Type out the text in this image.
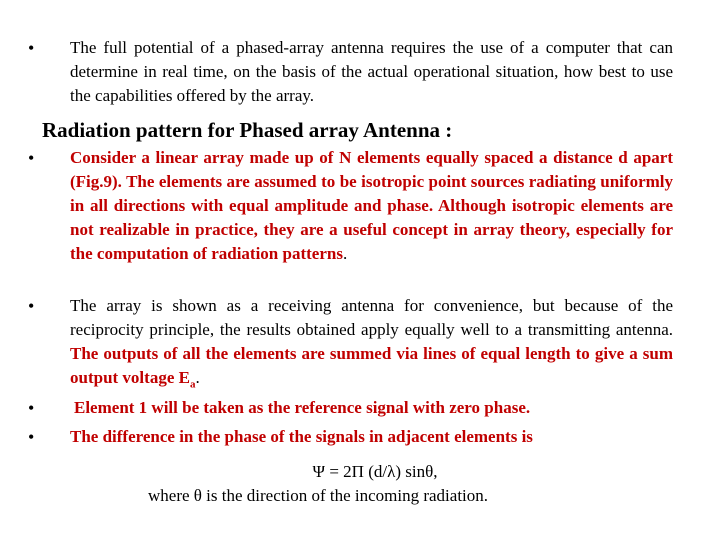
• The full potential of a phased-array antenna requires the use of a computer that can determine in real time, on the basis of the actual operational situation, how best to use the capabilities offered by the array.
Radiation pattern for Phased array Antenna :
• Consider a linear array made up of N elements equally spaced a distance d apart (Fig.9). The elements are assumed to be isotropic point sources radiating uniformly in all directions with equal amplitude and phase. Although isotropic elements are not realizable in practice, they are a useful concept in array theory, especially for the computation of radiation patterns.
• The array is shown as a receiving antenna for convenience, but because of the reciprocity principle, the results obtained apply equally well to a transmitting antenna. The outputs of all the elements are summed via lines of equal length to give a sum output voltage $E_a$.
• Element 1 will be taken as the reference signal with zero phase.
• The difference in the phase of the signals in adjacent elements is
Ψ = 2Π (d/λ) sinθ,
where θ is the direction of the incoming radiation.
